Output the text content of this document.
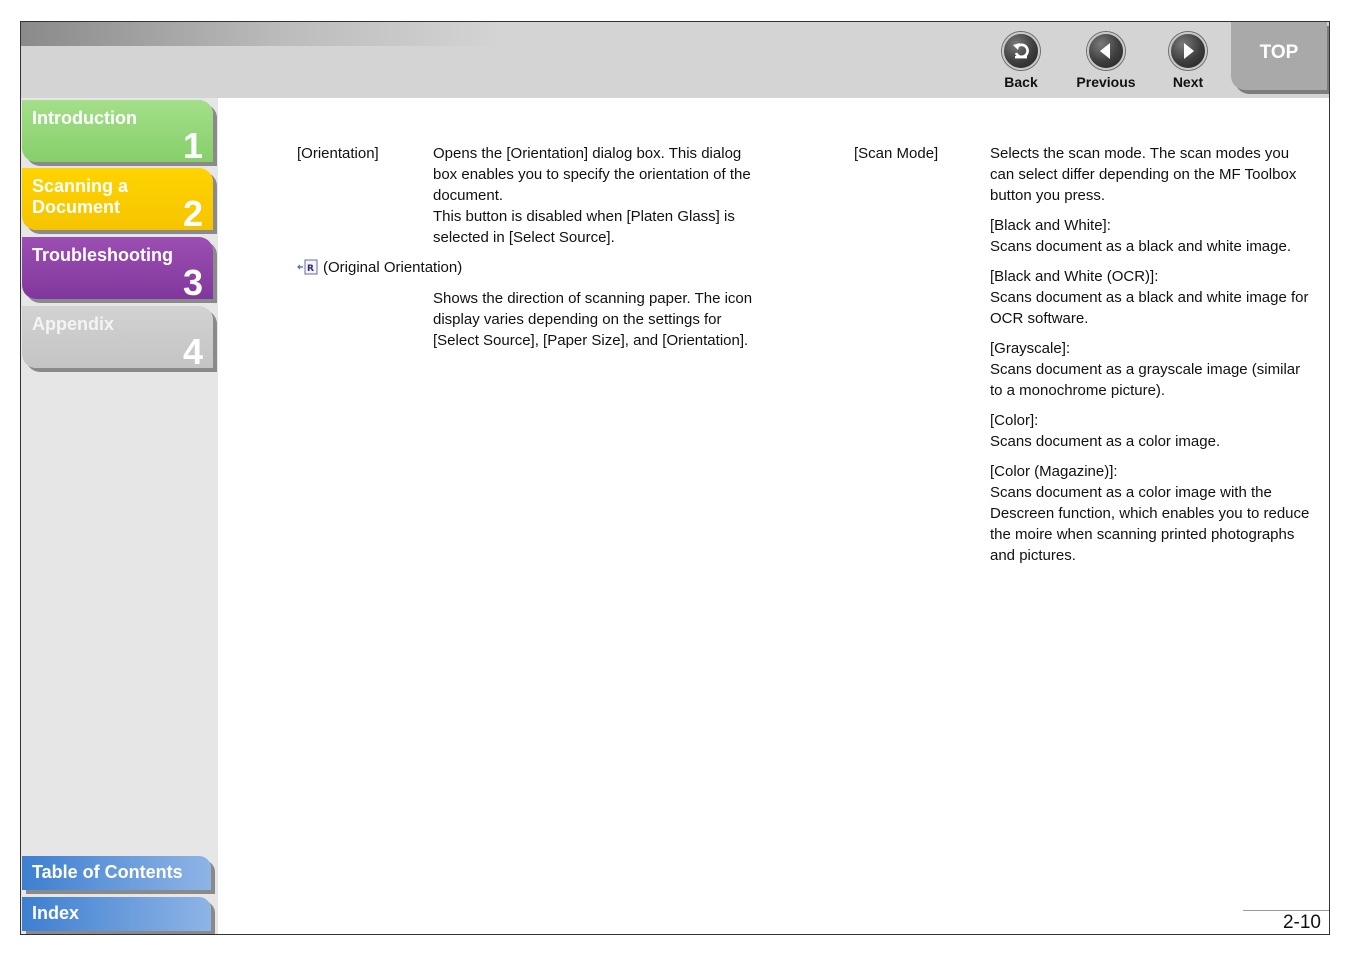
Back	Previous	Next
TOP
Introduction
1
Scanning a Document	2
Troubleshooting
3
Appendix
4
Table of Contents
Index
[Orientation]	Opens the [Orientation] dialog box. This dialog box enables you to specify the orientation of the document.

This button is disabled when [Platen Glass] is selected in [Select Source].

R (Original Orientation)
Shows the direction of scanning paper. The icon display varies depending on the settings for [Select Source], [Paper Size], and [Orientation].
[Scan Mode]	Selects the scan mode. The scan modes you can select differ depending on the MF Toolbox button you press.

[Black and White]:
Scans document as a black and white image.

[Black and White (OCR)]:
Scans document as a black and white image for OCR software.

[Grayscale]:
Scans document as a grayscale image (similar to a monochrome picture).

[Color]:
Scans document as a color image.

[Color (Magazine)]:
Scans document as a color image with the Descreen function, which enables you to reduce the moire when scanning printed photographs and pictures.

2-10
